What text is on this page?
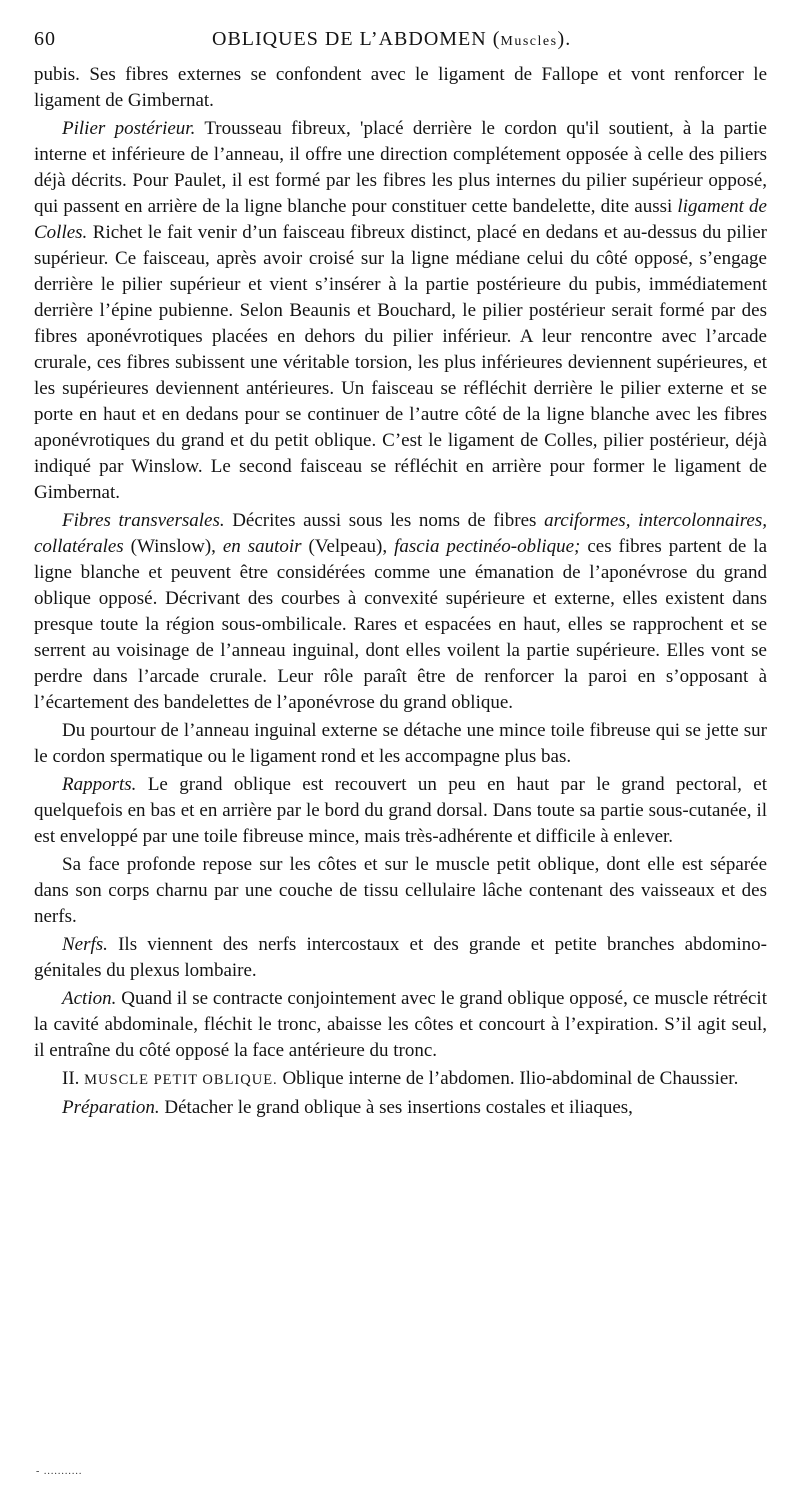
60	OBLIQUES DE L’ABDOMEN (Muscles).

pubis. Ses fibres externes se confondent avec le ligament de Fallope et vont renforcer le ligament de Gimbernat.

Pilier postérieur. Trousseau fibreux, 'placé derrière le cordon qu'il soutient, à la partie interne et inférieure de l’anneau, il offre une direction complétement opposée à celle des piliers déjà décrits. Pour Paulet, il est formé par les fibres les plus internes du pilier supérieur opposé, qui passent en arrière de la ligne blanche pour constituer cette bandelette, dite aussi ligament de Colles. Richet le fait venir d’un faisceau fibreux distinct, placé en dedans et au-dessus du pilier supérieur. Ce faisceau, après avoir croisé sur la ligne médiane celui du côté opposé, s’engage derrière le pilier supérieur et vient s’insérer à la partie postérieure du pubis, immédiatement derrière l’épine pubienne. Selon Beaunis et Bouchard, le pilier postérieur serait formé par des fibres aponévrotiques placées en dehors du pilier inférieur. A leur rencontre avec l’arcade crurale, ces fibres subissent une véritable torsion, les plus inférieures deviennent supérieures, et les supérieures deviennent antérieures. Un faisceau se réfléchit derrière le pilier externe et se porte en haut et en dedans pour se continuer de l’autre côté de la ligne blanche avec les fibres aponévrotiques du grand et du petit oblique. C’est le ligament de Colles, pilier postérieur, déjà indiqué par Winslow. Le second faisceau se réfléchit en arrière pour former le ligament de Gimbernat.

Fibres transversales. Décrites aussi sous les noms de fibres arciformes, intercolonnaires, collatérales (Winslow), en sautoir (Velpeau), fascia pectinéo-oblique; ces fibres partent de la ligne blanche et peuvent être considérées comme une émanation de l’aponévrose du grand oblique opposé. Décrivant des courbes à convexité supérieure et externe, elles existent dans presque toute la région sous-ombilicale. Rares et espacées en haut, elles se rapprochent et se serrent au voisinage de l’anneau inguinal, dont elles voilent la partie supérieure. Elles vont se perdre dans l’arcade crurale. Leur rôle paraît être de renforcer la paroi en s’opposant à l’écartement des bandelettes de l’aponévrose du grand oblique.

Du pourtour de l’anneau inguinal externe se détache une mince toile fibreuse qui se jette sur le cordon spermatique ou le ligament rond et les accompagne plus bas.

Rapports. Le grand oblique est recouvert un peu en haut par le grand pectoral, et quelquefois en bas et en arrière par le bord du grand dorsal. Dans toute sa partie sous-cutanée, il est enveloppé par une toile fibreuse mince, mais très-adhérente et difficile à enlever.

Sa face profonde repose sur les côtes et sur le muscle petit oblique, dont elle est séparée dans son corps charnu par une couche de tissu cellulaire lâche contenant des vaisseaux et des nerfs.

Nerfs. Ils viennent des nerfs intercostaux et des grande et petite branches abdomino-génitales du plexus lombaire.

Action. Quand il se contracte conjointement avec le grand oblique opposé, ce muscle rétrécit la cavité abdominale, fléchit le tronc, abaisse les côtes et concourt à l’expiration. S’il agit seul, il entraîne du côté opposé la face antérieure du tronc.

II. MUSCLE PETIT OBLIQUE. Oblique interne de l’abdomen. Ilio-abdominal de Chaussier.

Préparation. Détacher le grand oblique à ses insertions costales et iliaques,

- ...........
